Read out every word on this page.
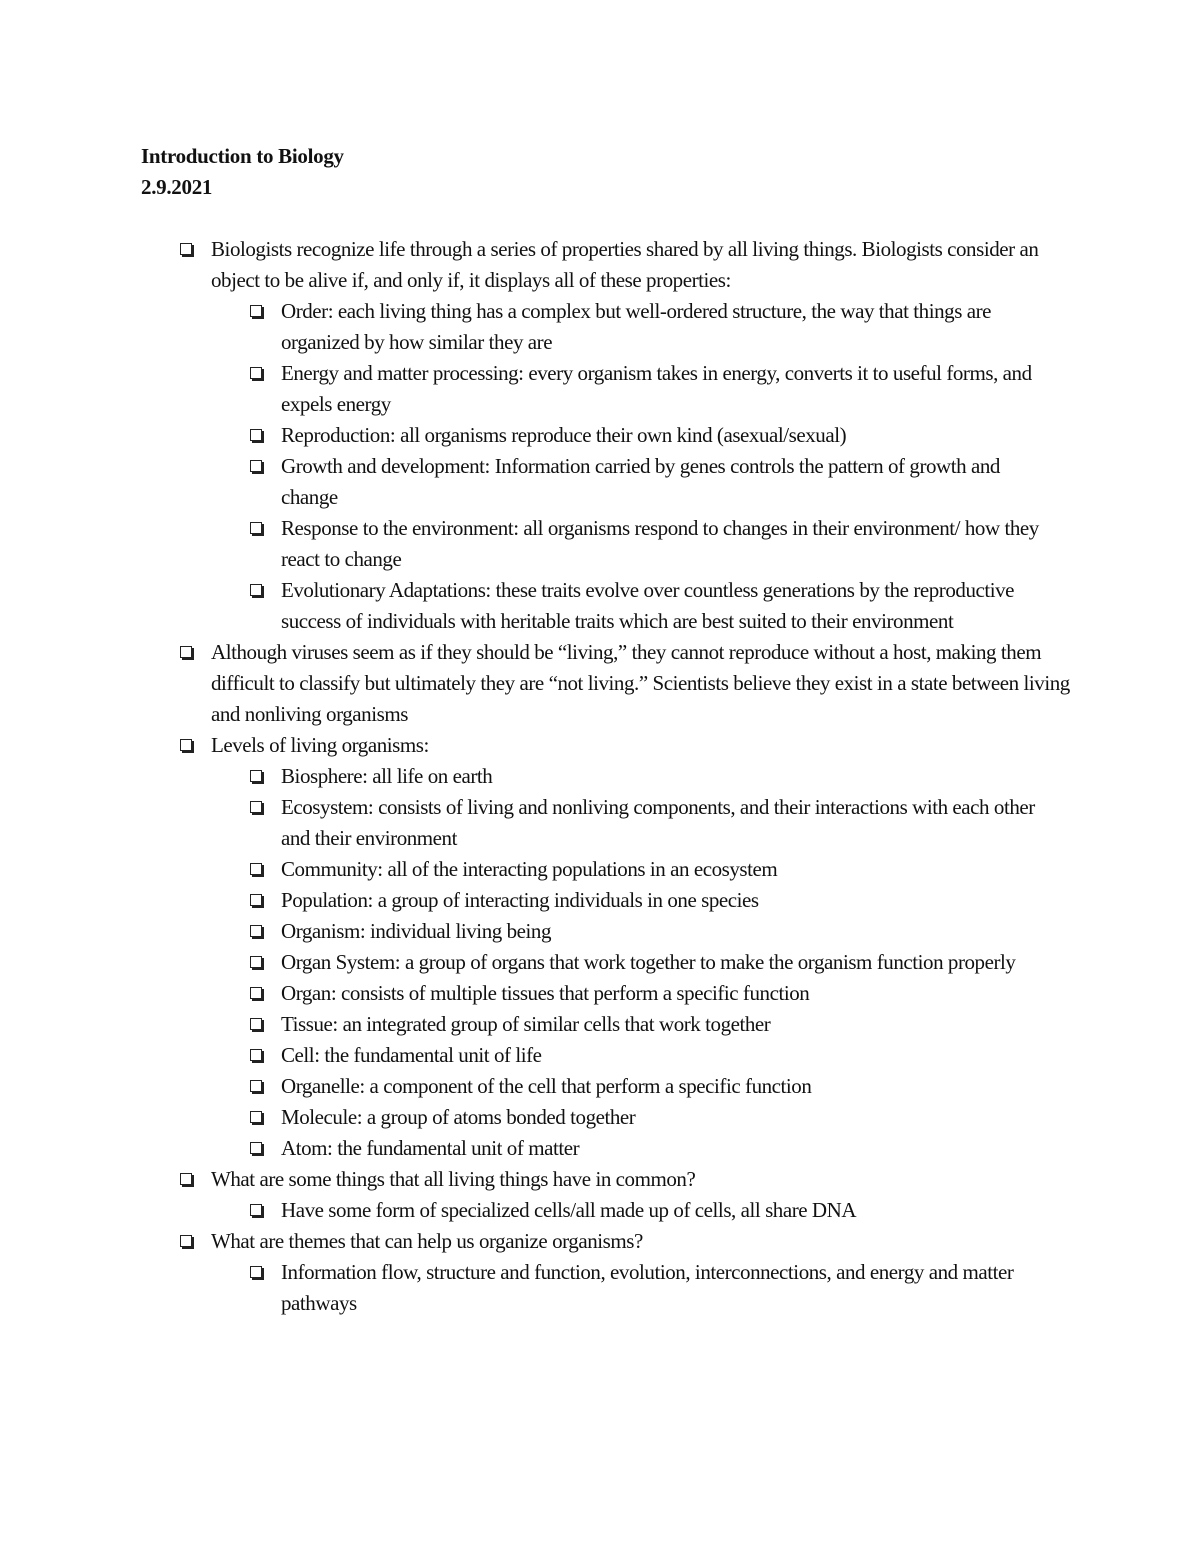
Introduction to Biology
2.9.2021
Biologists recognize life through a series of properties shared by all living things. Biologists consider an object to be alive if, and only if, it displays all of these properties:
Order: each living thing has a complex but well-ordered structure, the way that things are organized by how similar they are
Energy and matter processing: every organism takes in energy, converts it to useful forms, and expels energy
Reproduction: all organisms reproduce their own kind (asexual/sexual)
Growth and development: Information carried by genes controls the pattern of growth and change
Response to the environment: all organisms respond to changes in their environment/ how they react to change
Evolutionary Adaptations: these traits evolve over countless generations by the reproductive success of individuals with heritable traits which are best suited to their environment
Although viruses seem as if they should be “living,” they cannot reproduce without a host, making them difficult to classify but ultimately they are “not living.” Scientists believe they exist in a state between living and nonliving organisms
Levels of living organisms:
Biosphere: all life on earth
Ecosystem: consists of living and nonliving components, and their interactions with each other and their environment
Community: all of the interacting populations in an ecosystem
Population: a group of interacting individuals in one species
Organism: individual living being
Organ System: a group of organs that work together to make the organism function properly
Organ: consists of multiple tissues that perform a specific function
Tissue: an integrated group of similar cells that work together
Cell: the fundamental unit of life
Organelle: a component of the cell that perform a specific function
Molecule: a group of atoms bonded together
Atom: the fundamental unit of matter
What are some things that all living things have in common?
Have some form of specialized cells/all made up of cells, all share DNA
What are themes that can help us organize organisms?
Information flow, structure and function, evolution, interconnections, and energy and matter pathways
